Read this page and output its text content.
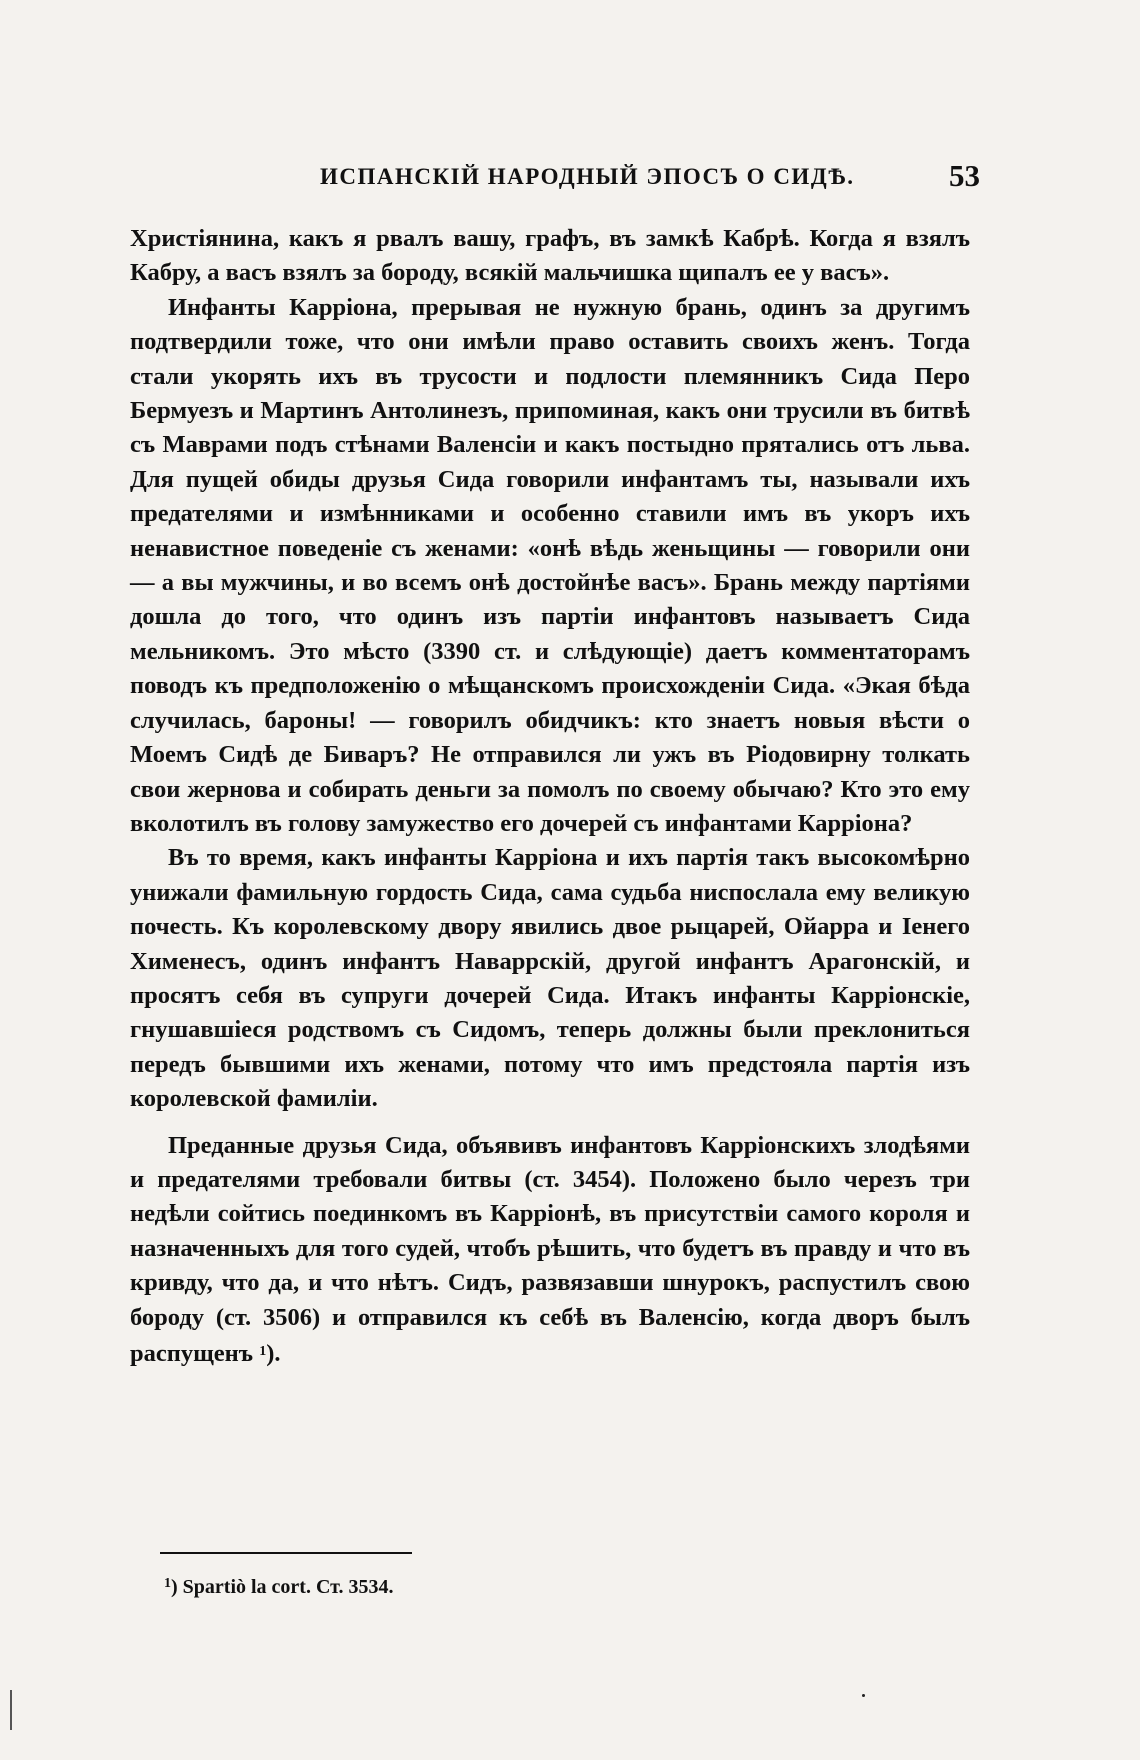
ИСПАНСКІЙ НАРОДНЫЙ ЭПОСЪ О СИДѢ.	53

Христіянина, какъ я рвалъ вашу, графъ, въ замкѣ Кабрѣ. Когда я взялъ Кабру, а васъ взялъ за бороду, всякій мальчишка щипалъ ее у васъ».

Инфанты Карріона, прерывая не нужную брань, одинъ за другимъ подтвердили тоже, что они имѣли право оставить своихъ женъ. Тогда стали укорять ихъ въ трусости и подлости племянникъ Сида Перо Бермуезъ и Мартинъ Антолинезъ, припоминая, какъ они трусили въ битвѣ съ Маврами подъ стѣнами Валенсіи и какъ постыдно прятались отъ льва. Для пущей обиды друзья Сида говорили инфантамъ ты, называли ихъ предателями и измѣнниками и особенно ставили имъ въ укоръ ихъ ненавистное поведеніе съ женами: «онѣ вѣдь женьщины — говорили они — а вы мужчины, и во всемъ онѣ достойнѣе васъ». Брань между партіями дошла до того, что одинъ изъ партіи инфантовъ называетъ Сида мельникомъ. Это мѣсто (3390 ст. и слѣдующіе) даетъ комментаторамъ поводъ къ предположенію о мѣщанскомъ происхожденіи Сида. «Экая бѣда случилась, бароны! — говорилъ обидчикъ: кто знаетъ новыя вѣсти о Моемъ Сидѣ де Биваръ? Не отправился ли ужъ въ Ріодовирну толкать свои жернова и собирать деньги за помолъ по своему обычаю? Кто это ему вколотилъ въ голову замужество его дочерей съ инфантами Карріона?

Въ то время, какъ инфанты Карріона и ихъ партія такъ высокомѣрно унижали фамильную гордость Сида, сама судьба ниспослала ему великую почесть. Къ королевскому двору явились двое рыцарей, Ойарра и Іенего Хименесъ, одинъ инфантъ Наваррскій, другой инфантъ Арагонскій, и просятъ себя въ супруги дочерей Сида. Итакъ инфанты Карріонскіе, гнушавшіеся родствомъ съ Сидомъ, теперь должны были преклониться передъ бывшими ихъ женами, потому что имъ предстояла партія изъ королевской фамиліи.

Преданные друзья Сида, объявивъ инфантовъ Карріонскихъ злодѣями и предателями требовали битвы (ст. 3454). Положено было черезъ три недѣли сойтись поединкомъ въ Карріонѣ, въ присутствіи самого короля и назначенныхъ для того судей, чтобъ рѣшить, что будетъ въ правду и что въ кривду, что да, и что нѣтъ. Сидъ, развязавши шнурокъ, распустилъ свою бороду (ст. 3506) и отправился къ себѣ въ Валенсію, когда дворъ былъ распущенъ $^1$).

$^1$) Spartiò la cort. Ст. 3534.
